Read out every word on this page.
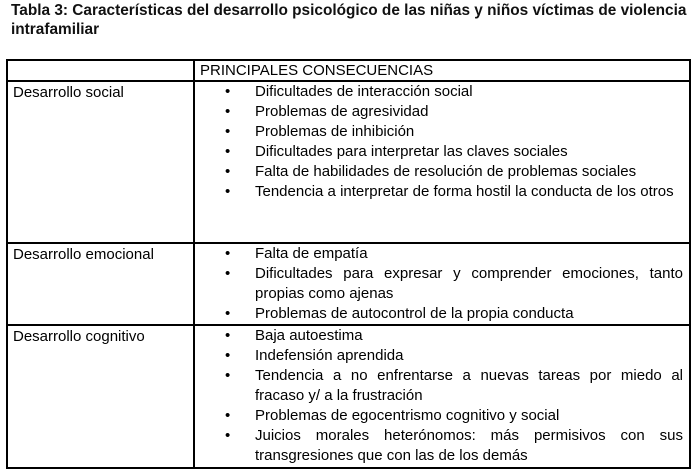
Tabla 3: Características del desarrollo psicológico de las niñas y niños víctimas de violencia intrafamiliar
	PRINCIPALES CONSECUENCIAS
Desarrollo social	• Dificultades de interacción social
• Problemas de agresividad
• Problemas de inhibición
• Dificultades para interpretar las claves sociales
• Falta de habilidades de resolución de problemas sociales
• Tendencia a interpretar de forma hostil la conducta de los otros

Desarrollo emocional	• Falta de empatía
• Dificultades para expresar y comprender emociones, tanto propias como ajenas
• Problemas de autocontrol de la propia conducta

Desarrollo cognitivo	• Baja autoestima
• Indefensión aprendida
• Tendencia a no enfrentarse a nuevas tareas por miedo al fracaso y/ a la frustración
• Problemas de egocentrismo cognitivo y social
• Juicios morales heterónomos: más permisivos con sus transgresiones que con las de los demás
